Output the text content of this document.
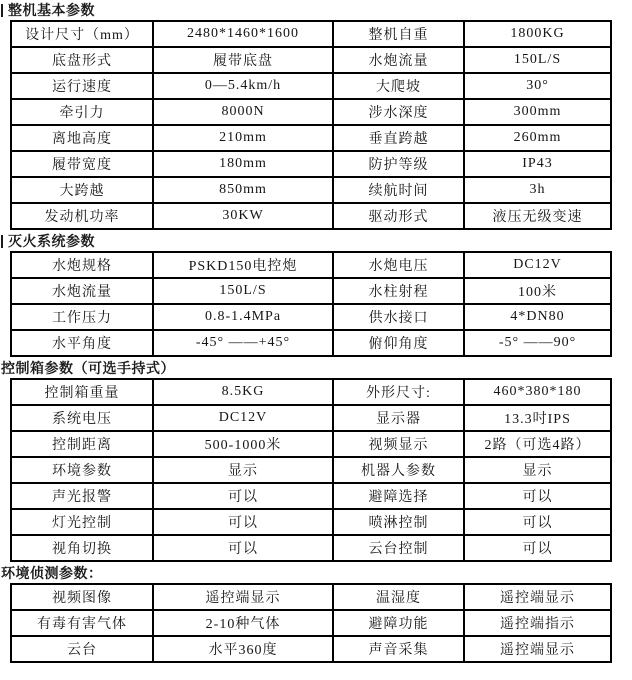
整机基本参数
设计尺寸（mm）	2480*1460*1600	整机自重	1800KG
底盘形式	履带底盘	水炮流量	150L/S
运行速度	0—5.4km/h	大爬坡	30°
牵引力	8000N	涉水深度	300mm
离地高度	210mm	垂直跨越	260mm
履带宽度	180mm	防护等级	IP43
大跨越	850mm	续航时间	3h
发动机功率	30KW	驱动形式	液压无级变速
灭火系统参数
水炮规格	PSKD150电控炮	水炮电压	DC12V
水炮流量	150L/S	水柱射程	100米
工作压力	0.8-1.4MPa	供水接口	4*DN80
水平角度	-45° ——+45°	俯仰角度	-5° ——90°
控制箱参数（可选手持式）
控制箱重量	8.5KG	外形尺寸:	460*380*180
系统电压	DC12V	显示器	13.3吋IPS
控制距离	500-1000米	视频显示	2路（可选4路）
环境参数	显示	机器人参数	显示
声光报警	可以	避障选择	可以
灯光控制	可以	喷淋控制	可以
视角切换	可以	云台控制	可以
环境侦测参数：
视频图像	遥控端显示	温湿度	遥控端显示
有毒有害气体	2-10种气体	避障功能	遥控端指示
云台	水平360度	声音采集	遥控端显示
